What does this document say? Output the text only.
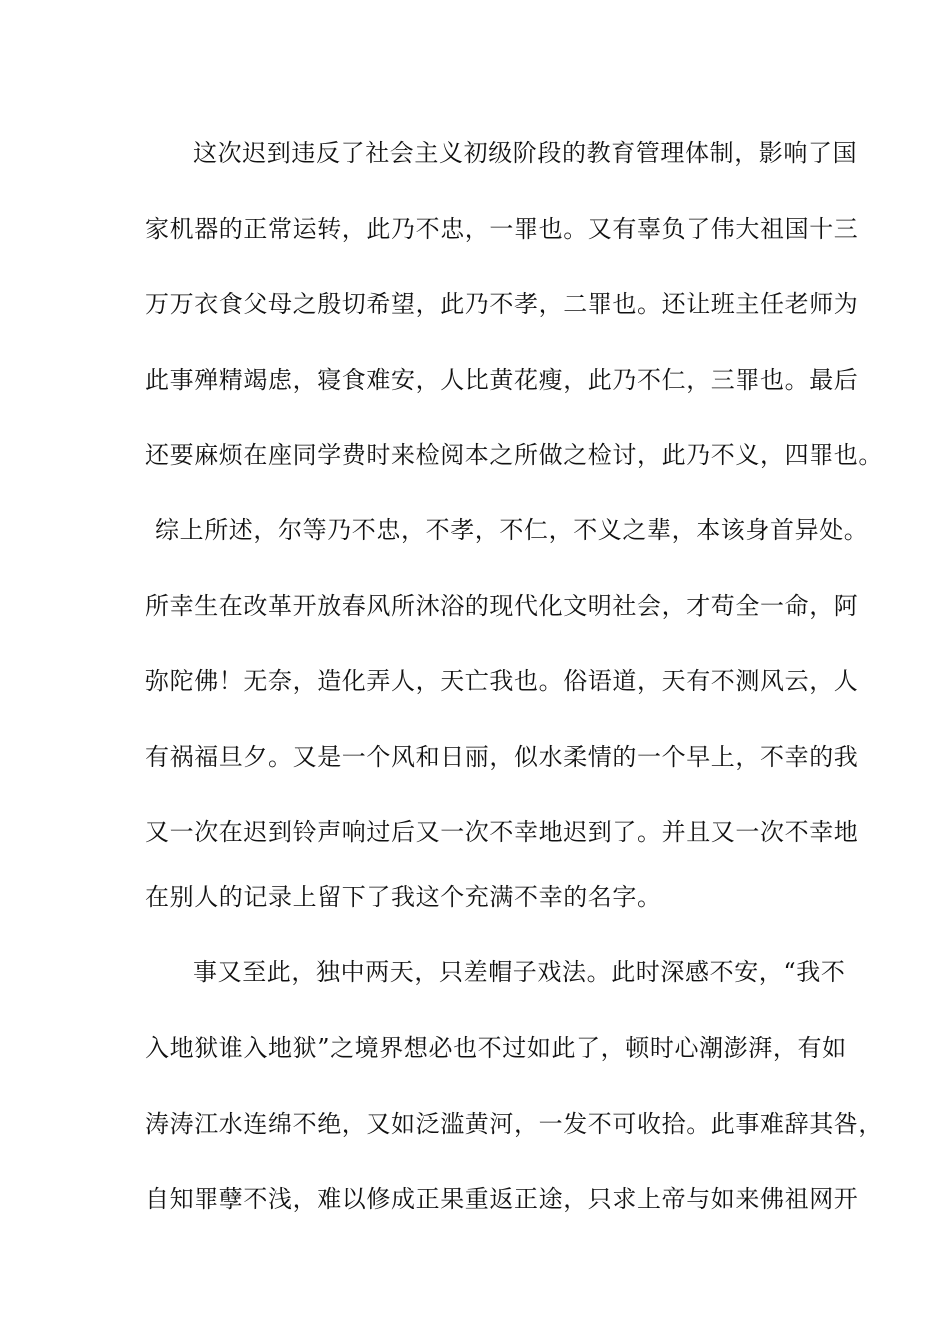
这次迟到违反了社会主义初级阶段的教育管理体制，影响了国
家机器的正常运转，此乃不忠，一罪也。又有辜负了伟大祖国十三
万万衣食父母之殷切希望，此乃不孝，二罪也。还让班主任老师为
此事殚精竭虑，寝食难安，人比黄花瘦，此乃不仁，三罪也。最后
还要麻烦在座同学费时来检阅本之所做之检讨，此乃不义，四罪也。
综上所述，尔等乃不忠，不孝，不仁，不义之辈，本该身首异处。
所幸生在改革开放春风所沐浴的现代化文明社会，才苟全一命，阿
弥陀佛！无奈，造化弄人，天亡我也。俗语道，天有不测风云，人
有祸福旦夕。又是一个风和日丽，似水柔情的一个早上，不幸的我
又一次在迟到铃声响过后又一次不幸地迟到了。并且又一次不幸地
在别人的记录上留下了我这个充满不幸的名字。
事又至此，独中两天，只差帽子戏法。此时深感不安，“我不
入地狱谁入地狱”之境界想必也不过如此了，顿时心潮澎湃，有如
涛涛江水连绵不绝，又如泛滥黄河，一发不可收拾。此事难辞其咎，
自知罪孽不浅，难以修成正果重返正途，只求上帝与如来佛祖网开
